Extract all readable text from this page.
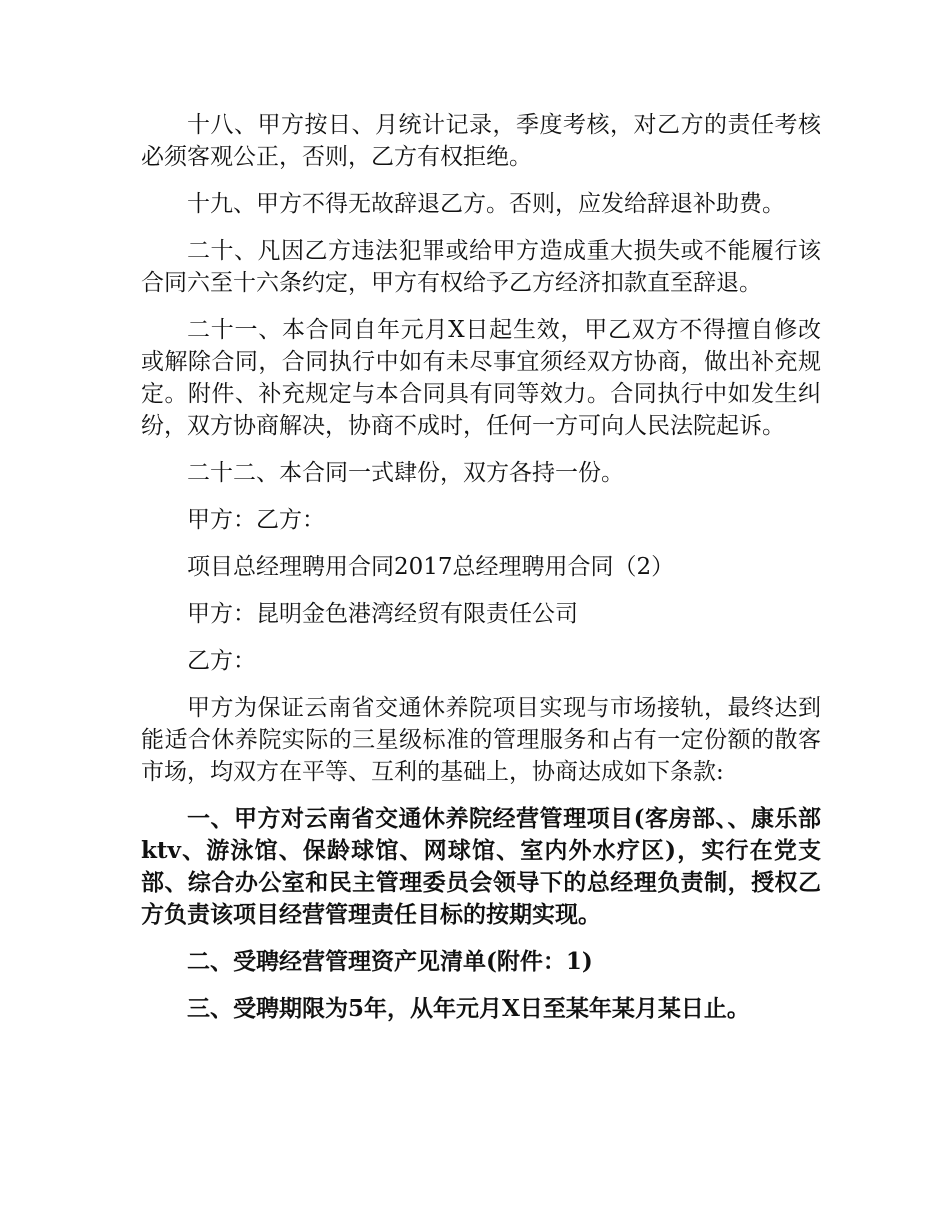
十八、甲方按日、月统计记录，季度考核，对乙方的责任考核必须客观公正，否则，乙方有权拒绝。

十九、甲方不得无故辞退乙方。否则，应发给辞退补助费。

二十、凡因乙方违法犯罪或给甲方造成重大损失或不能履行该合同六至十六条约定，甲方有权给予乙方经济扣款直至辞退。

二十一、本合同自年元月X日起生效，甲乙双方不得擅自修改或解除合同，合同执行中如有未尽事宜须经双方协商，做出补充规定。附件、补充规定与本合同具有同等效力。合同执行中如发生纠纷，双方协商解决，协商不成时，任何一方可向人民法院起诉。

二十二、本合同一式肆份，双方各持一份。

甲方：乙方：

项目总经理聘用合同2017总经理聘用合同（2）

甲方：昆明金色港湾经贸有限责任公司

乙方：

甲方为保证云南省交通休养院项目实现与市场接轨，最终达到能适合休养院实际的三星级标准的管理服务和占有一定份额的散客市场，均双方在平等、互利的基础上，协商达成如下条款:

一、甲方对云南省交通休养院经营管理项目(客房部、、康乐部ktv、游泳馆、保龄球馆、网球馆、室内外水疗区)，实行在党支部、综合办公室和民主管理委员会领导下的总经理负责制，授权乙方负责该项目经营管理责任目标的按期实现。

二、受聘经营管理资产见清单(附件：1)

三、受聘期限为5年，从年元月X日至某年某月某日止。
